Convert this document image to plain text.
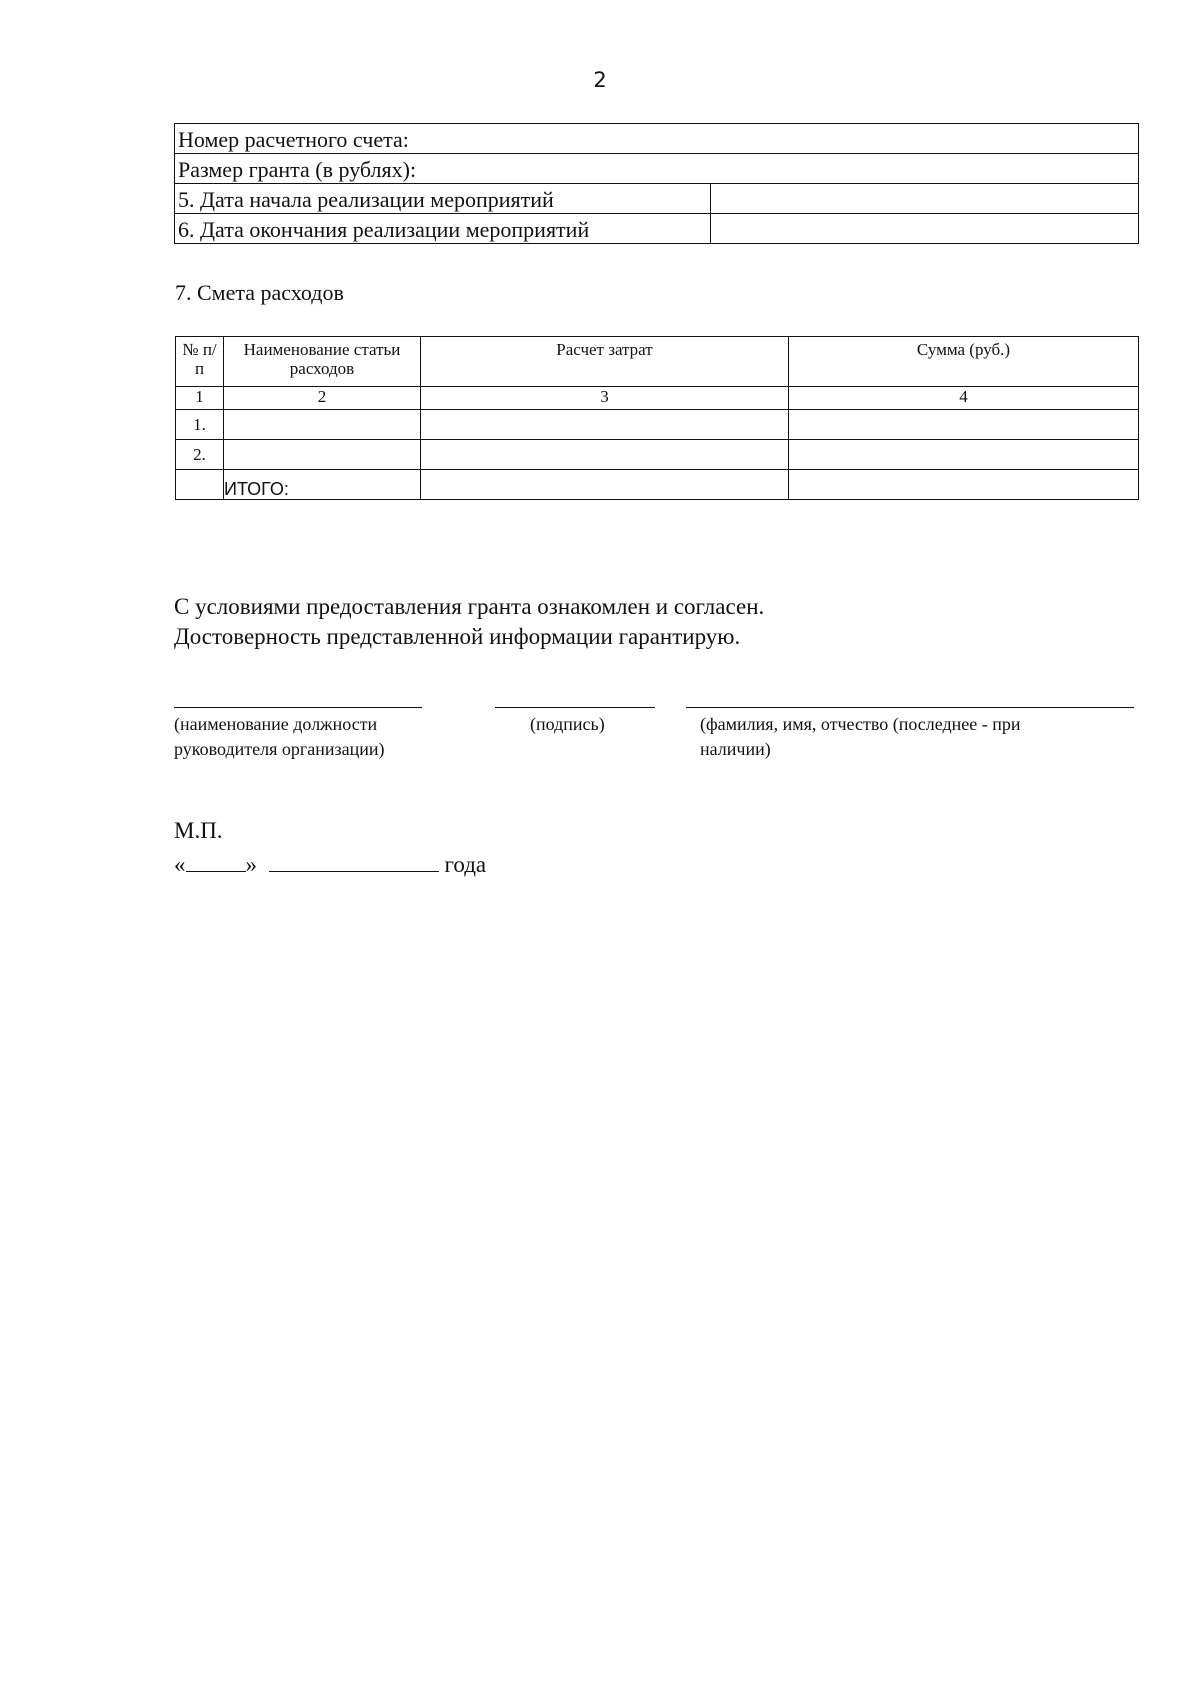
2
Номер расчетного счета:	
Размер гранта (в рублях):	
5. Дата начала реализации мероприятий	
6. Дата окончания реализации мероприятий	
7. Смета расходов
№ п/п	Наименование статьи расходов	Расчет затрат	Сумма (руб.)
1	2	3	4
1.			
2.			
	ИТОГО:		
С условиями предоставления гранта ознакомлен и согласен.
Достоверность представленной информации гарантирую.
(наименование должности
руководителя организации)
(подпись)	(фамилия, имя, отчество (последнее - при
наличии)
М.П.
«	»	года
